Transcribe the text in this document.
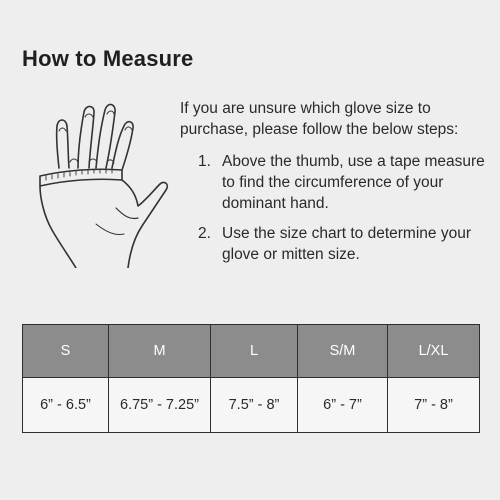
How to Measure

If you are unsure which glove size to purchase, please follow the below steps:

1. Above the thumb, use a tape measure to find the circumference of your dominant hand.
2. Use the size chart to determine your glove or mitten size.
S	M	L	S/M	L/XL
6” - 6.5”	6.75” - 7.25”	7.5” - 8”	6” - 7”	7” - 8”
